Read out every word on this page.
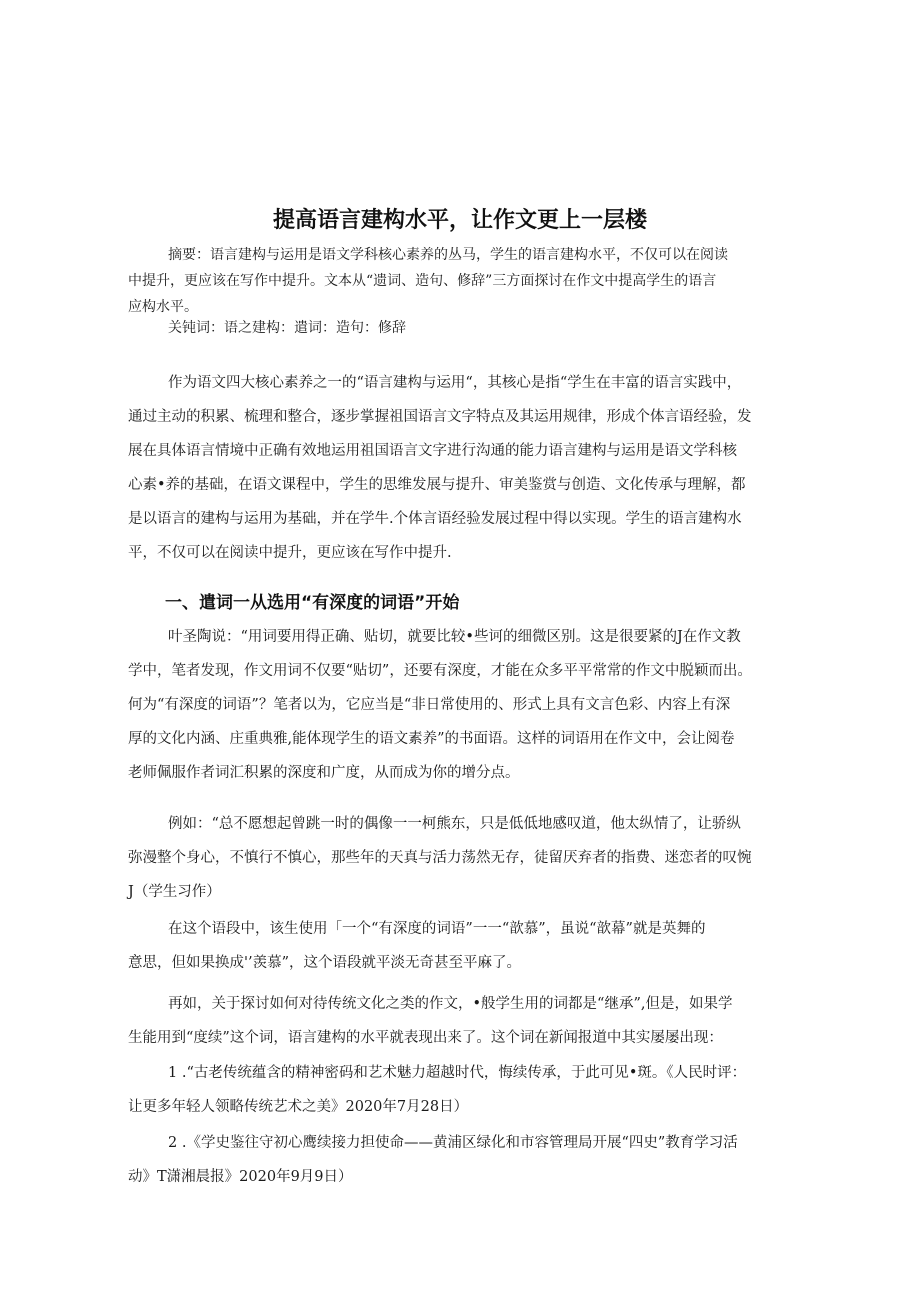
提高语言建构水平，让作文更上一层楼
摘要：语言建构与运用是语文学科核心素养的丛马，学生的语言建构水平，不仅可以在阅读
中提升，更应该在写作中提升。文本从“遗词、造句、修辞”三方面探讨在作文中提高学生的语言
应构水平。
关钝词：语之建构：遣词：造句：修辞
作为语文四大核心素养之一的“语言建构与运用“，其核心是指“学生在丰富的语言实践中，
通过主动的积累、梳理和整合，逐步掌握祖国语言文字特点及其运用规律，形成个体言语经验，发
展在具体语言情境中正确有效地运用祖国语言文字进行沟通的能力语言建构与运用是语文学科核
心素•养的基础，在语文课程中，学生的思维发展与提升、审美鉴赏与创造、文化传承与理解，都
是以语言的建构与运用为基础，并在学牛.个体言语经验发展过程中得以实现。学生的语言建构水
平，不仅可以在阅读中提升，更应该在写作中提升.
一、遣词一从选用“有深度的词语”开始
叶圣陶说：“用词要用得正确、贴切，就要比较•些诃的细微区别。这是很要紧的J在作文教
学中，笔者发现，作文用词不仅要“贴切”，还要有深度，才能在众多平平常常的作文中脱颖而出。
何为“有深度的词语”？笔者以为，它应当是“非日常使用的、形式上具有文言色彩、内容上有深
厚的文化内涵、庄重典雅,能体现学生的语文素养”的书面语。这样的词语用在作文中，会让阅卷
老师佩服作者词汇积累的深度和广度，从而成为你的增分点。
例如：“总不愿想起曾跳一时的偶像一一柯熊东，只是低低地感叹道，他太纵情了，让骄纵
弥漫整个身心，不慎行不慎心，那些年的天真与活力荡然无存，徒留厌弃者的指费、迷恋者的叹惋
J（学生习作）
在这个语段中，该生使用「一个“有深度的词语”一一“歆慕”，虽说“歆幕”就是英舞的
意思，但如果换成'’羡慕”，这个语段就平淡无奇甚至平麻了。
再如，关于探讨如何对待传统文化之类的作文，•般学生用的词都是“继承”,但是，如果学
生能用到“度续”这个词，语言建构的水平就表现出来了。这个词在新闻报道中其实屡屡出现：
1 .“古老传统蕴含的精神密码和艺术魅力超越时代，悔续传承，于此可见•斑。《人民时评：
让更多年轻人领略传统艺术之美》2020年7月28日）
2 .《学史鉴往守初心鹰续接力担使命——黄浦区绿化和市容管理局开展“四史”教育学习活
动》T潇湘晨报》2020年9月9日）
